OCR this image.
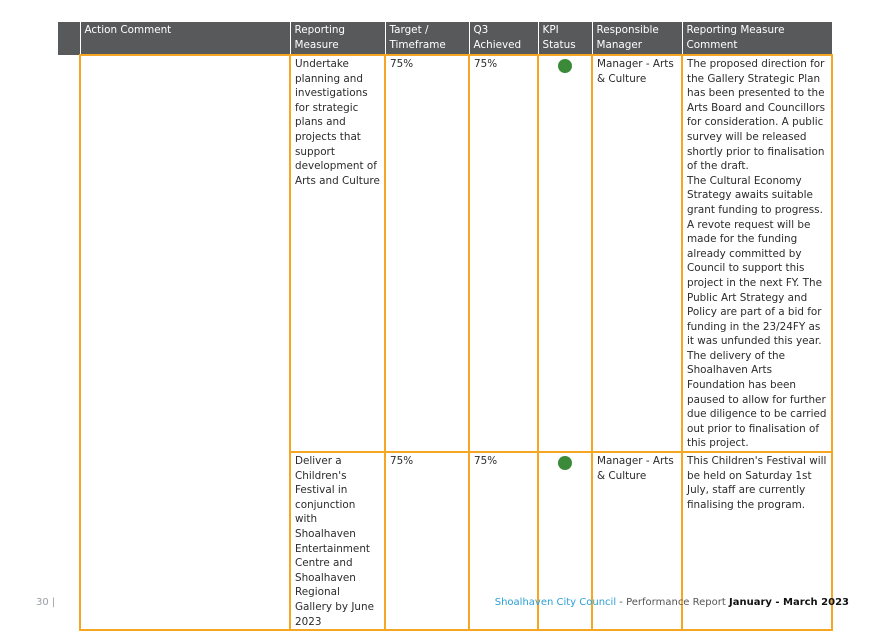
	Action Comment	Reporting Measure	Target / Timeframe	Q3 Achieved	KPI Status	Responsible Manager	Reporting Measure Comment
		Undertake planning and investigations for strategic plans and projects that support development of Arts and Culture	75%	75%		Manager - Arts & Culture	The proposed direction for the Gallery Strategic Plan has been presented to the Arts Board and Councillors for consideration. A public survey will be released shortly prior to finalisation of the draft.
The Cultural Economy Strategy awaits suitable grant funding to progress. A revote request will be made for the funding already committed by Council to support this project in the next FY. The Public Art Strategy and Policy are part of a bid for funding in the 23/24FY as it was unfunded this year. The delivery of the Shoalhaven Arts Foundation has been paused to allow for further due diligence to be carried out prior to finalisation of this project.
		Deliver a Children's Festival in conjunction with Shoalhaven Entertainment Centre and Shoalhaven Regional Gallery by June 2023	75%	75%		Manager - Arts & Culture	This Children's Festival will be held on Saturday 1st July, staff are currently finalising the program.
30 |	Shoalhaven City Council - Performance Report January - March 2023
